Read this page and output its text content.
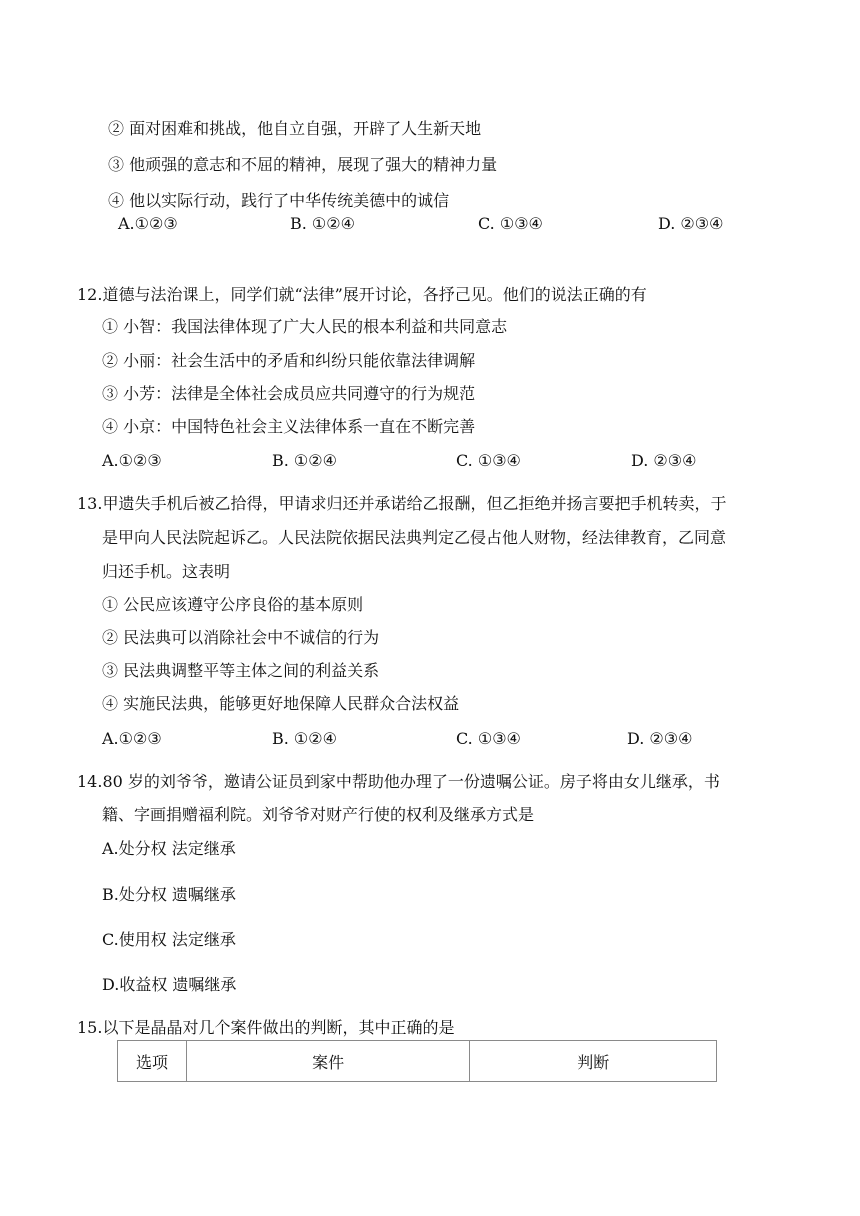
② 面对困难和挑战，他自立自强，开辟了人生新天地
③ 他顽强的意志和不屈的精神，展现了强大的精神力量
④ 他以实际行动，践行了中华传统美德中的诚信
A.①②③	B. ①②④	C. ①③④	D. ②③④
12.道德与法治课上，同学们就“法律”展开讨论，各抒己见。他们的说法正确的有
① 小智：我国法律体现了广大人民的根本利益和共同意志
② 小丽：社会生活中的矛盾和纠纷只能依靠法律调解
③ 小芳：法律是全体社会成员应共同遵守的行为规范
④ 小京：中国特色社会主义法律体系一直在不断完善
A.①②③	B. ①②④	C. ①③④	D. ②③④
13.甲遗失手机后被乙拾得，甲请求归还并承诺给乙报酬，但乙拒绝并扬言要把手机转卖，于
是甲向人民法院起诉乙。人民法院依据民法典判定乙侵占他人财物，经法律教育，乙同意
归还手机。这表明
① 公民应该遵守公序良俗的基本原则
② 民法典可以消除社会中不诚信的行为
③ 民法典调整平等主体之间的利益关系
④ 实施民法典，能够更好地保障人民群众合法权益
A.①②③	B. ①②④	C. ①③④	D. ②③④
14.80 岁的刘爷爷，邀请公证员到家中帮助他办理了一份遗嘱公证。房子将由女儿继承，书
籍、字画捐赠福利院。刘爷爷对财产行使的权利及继承方式是
A.处分权 法定继承
B.处分权 遗嘱继承
C.使用权 法定继承
D.收益权 遗嘱继承
15.以下是晶晶对几个案件做出的判断，其中正确的是
选项	案件	判断
